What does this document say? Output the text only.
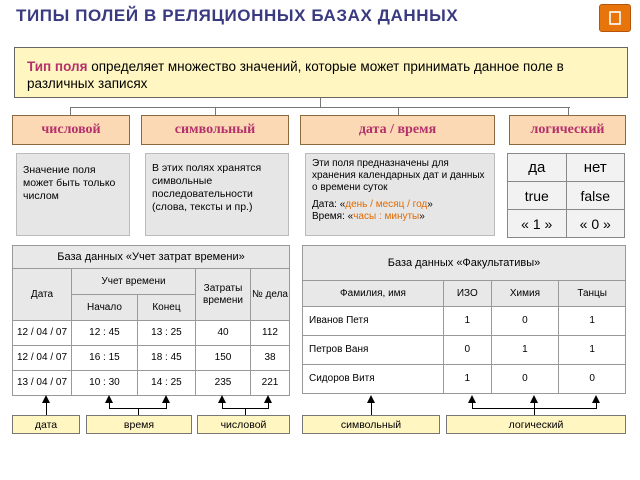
ТИПЫ ПОЛЕЙ В РЕЛЯЦИОННЫХ БАЗАХ ДАННЫХ
Тип поля определяет множество значений, которые может принимать данное поле в различных записях
числовой	символьный	дата / время	логический
Значение поля может быть только числом
В этих полях хранятся символьные последовательности (слова, тексты и пр.)
Эти поля предназначены для хранения календарных дат и данных о времени суток
Дата: «день / месяц / год»
Время: «часы : минуты»
да	нет
true	false
« 1 »	« 0 »
База данных «Учет затрат времени»				
Дата	Учет времени		Затраты времени	№ дела
	Начало	Конец		
12 / 04 / 07	12 : 45	13 : 25	40	112
12 / 04 / 07	16 : 15	18 : 45	150	38
13 / 04 / 07	10 : 30	14 : 25	235	221
База данных «Факультативы»			
Фамилия, имя	ИЗО	Химия	Танцы
Иванов Петя	1	0	1
Петров Ваня	0	1	1
Сидоров Витя	1	0	0
дата	время	числовой	символьный	логический
